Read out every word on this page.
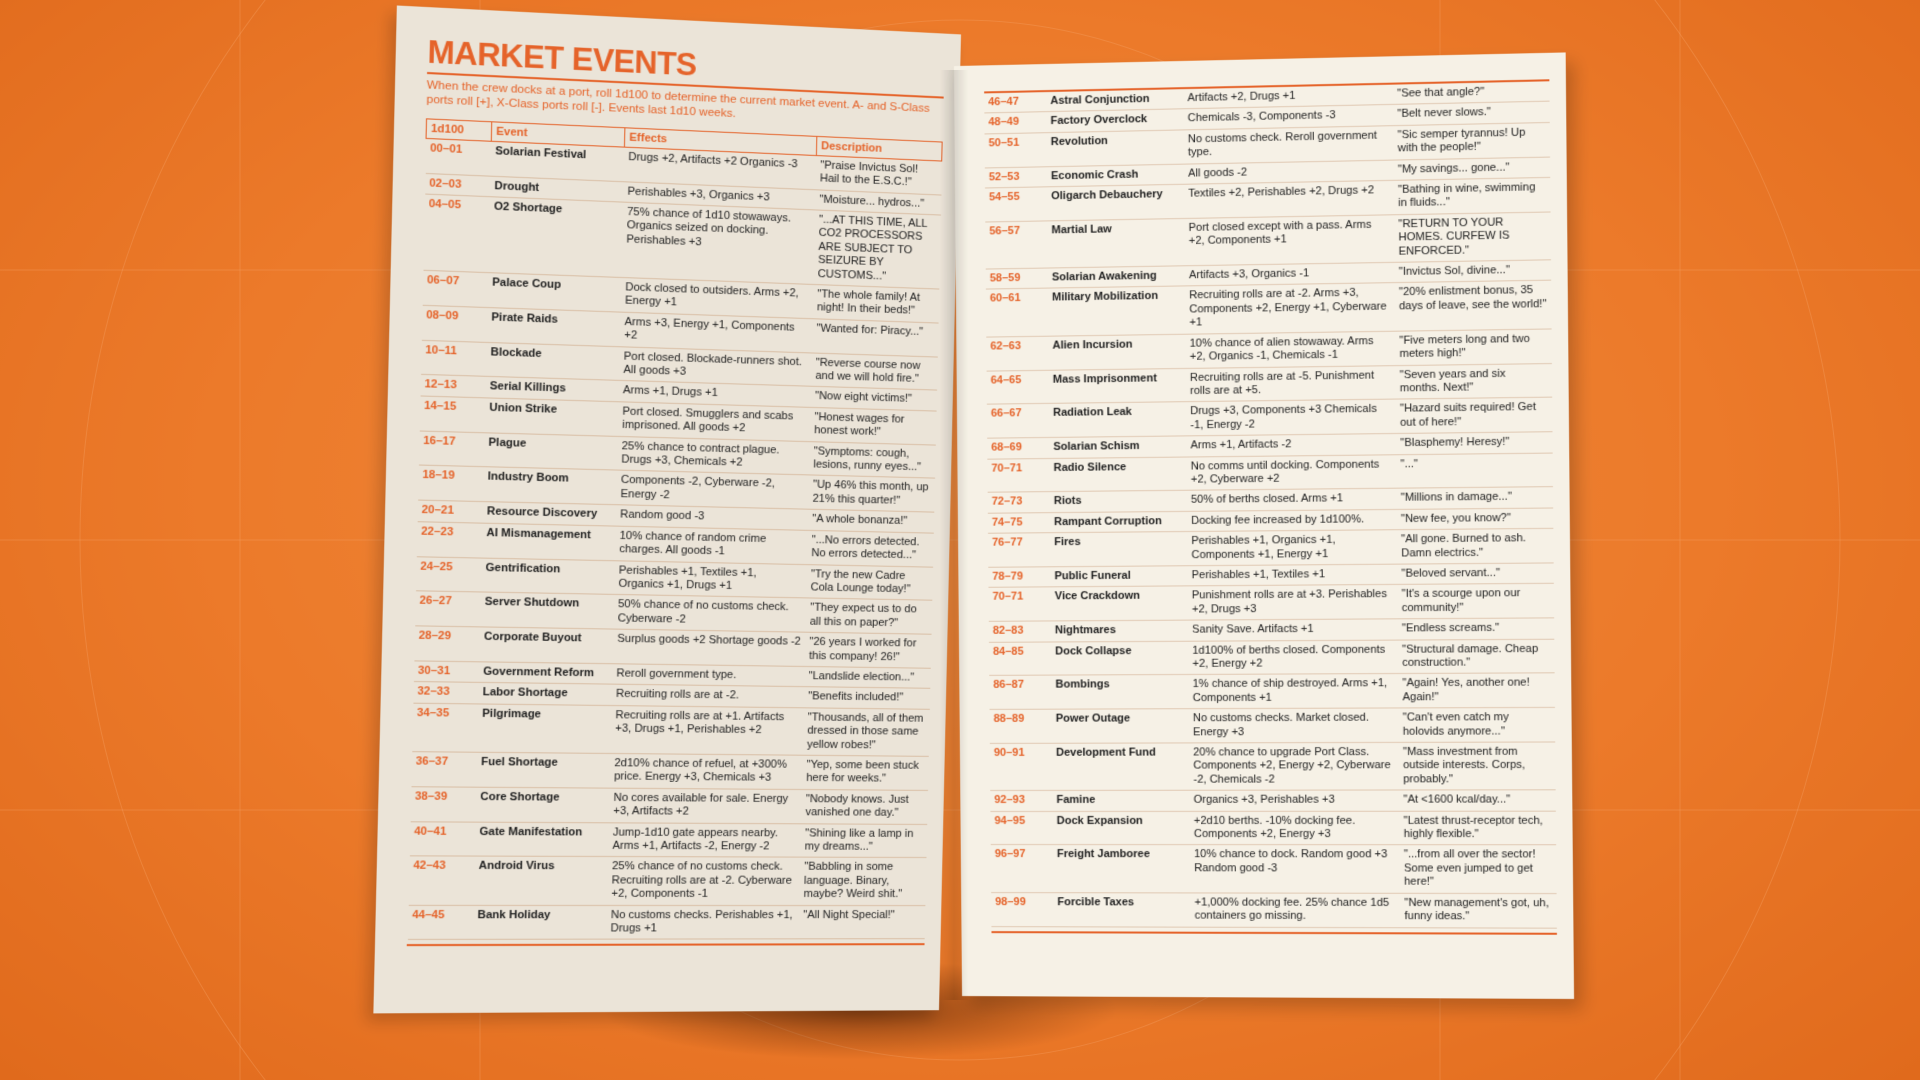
MARKET EVENTS

When the crew docks at a port, roll 1d100 to determine the current market event. A- and S-Class ports roll [+], X-Class ports roll [-]. Events last 1d10 weeks.

1d100	Event	Effects	Description
00–01	Solarian Festival	Drugs +2, Artifacts +2 Organics -3	"Praise Invictus Sol! Hail to the E.S.C.!"
02–03	Drought	Perishables +3, Organics +3	"Moisture... hydros..."
04–05	O2 Shortage	75% chance of 1d10 stowaways. Organics seized on docking. Perishables +3	"...AT THIS TIME, ALL CO2 PROCESSORS ARE SUBJECT TO SEIZURE BY CUSTOMS..."
06–07	Palace Coup	Dock closed to outsiders. Arms +2, Energy +1	"The whole family! At night! In their beds!"
08–09	Pirate Raids	Arms +3, Energy +1, Components +2	"Wanted for: Piracy..."
10–11	Blockade	Port closed. Blockade-runners shot. All goods +3	"Reverse course now and we will hold fire."
12–13	Serial Killings	Arms +1, Drugs +1	"Now eight victims!"
14–15	Union Strike	Port closed. Smugglers and scabs imprisoned. All goods +2	"Honest wages for honest work!"
16–17	Plague	25% chance to contract plague. Drugs +3, Chemicals +2	"Symptoms: cough, lesions, runny eyes..."
18–19	Industry Boom	Components -2, Cyberware -2, Energy -2	"Up 46% this month, up 21% this quarter!"
20–21	Resource Discovery	Random good -3	"A whole bonanza!"
22–23	AI Mismanagement	10% chance of random crime charges. All goods -1	"...No errors detected. No errors detected..."
24–25	Gentrification	Perishables +1, Textiles +1, Organics +1, Drugs +1	"Try the new Cadre Cola Lounge today!"
26–27	Server Shutdown	50% chance of no customs check. Cyberware -2	"They expect us to do all this on paper?"
28–29	Corporate Buyout	Surplus goods +2 Shortage goods -2	"26 years I worked for this company! 26!"
30–31	Government Reform	Reroll government type.	"Landslide election..."
32–33	Labor Shortage	Recruiting rolls are at -2.	"Benefits included!"
34–35	Pilgrimage	Recruiting rolls are at +1. Artifacts +3, Drugs +1, Perishables +2	"Thousands, all of them dressed in those same yellow robes!"
36–37	Fuel Shortage	2d10% chance of refuel, at +300% price. Energy +3, Chemicals +3	"Yep, some been stuck here for weeks."
38–39	Core Shortage	No cores available for sale. Energy +3, Artifacts +2	"Nobody knows. Just vanished one day."
40–41	Gate Manifestation	Jump-1d10 gate appears nearby. Arms +1, Artifacts -2, Energy -2	"Shining like a lamp in my dreams..."
42–43	Android Virus	25% chance of no customs check. Recruiting rolls are at -2. Cyberware +2, Components -1	"Babbling in some language. Binary, maybe? Weird shit."
44–45	Bank Holiday	No customs checks. Perishables +1, Drugs +1	"All Night Special!"
46–47	Astral Conjunction	Artifacts +2, Drugs +1	"See that angle?"
48–49	Factory Overclock	Chemicals -3, Components -3	"Belt never slows."
50–51	Revolution	No customs check. Reroll government type.	"Sic semper tyrannus! Up with the people!"
52–53	Economic Crash	All goods -2	"My savings... gone..."
54–55	Oligarch Debauchery	Textiles +2, Perishables +2, Drugs +2	"Bathing in wine, swimming in fluids..."
56–57	Martial Law	Port closed except with a pass. Arms +2, Components +1	"RETURN TO YOUR HOMES. CURFEW IS ENFORCED."
58–59	Solarian Awakening	Artifacts +3, Organics -1	"Invictus Sol, divine..."
60–61	Military Mobilization	Recruiting rolls are at -2. Arms +3, Components +2, Energy +1, Cyberware +1	"20% enlistment bonus, 35 days of leave, see the world!"
62–63	Alien Incursion	10% chance of alien stowaway. Arms +2, Organics -1, Chemicals -1	"Five meters long and two meters high!"
64–65	Mass Imprisonment	Recruiting rolls are at -5. Punishment rolls are at +5.	"Seven years and six months. Next!"
66–67	Radiation Leak	Drugs +3, Components +3 Chemicals -1, Energy -2	"Hazard suits required! Get out of here!"
68–69	Solarian Schism	Arms +1, Artifacts -2	"Blasphemy! Heresy!"
70–71	Radio Silence	No comms until docking. Components +2, Cyberware +2	"..."
72–73	Riots	50% of berths closed. Arms +1	"Millions in damage..."
74–75	Rampant Corruption	Docking fee increased by 1d100%.	"New fee, you know?"
76–77	Fires	Perishables +1, Organics +1, Components +1, Energy +1	"All gone. Burned to ash. Damn electrics."
78–79	Public Funeral	Perishables +1, Textiles +1	"Beloved servant..."
70–71	Vice Crackdown	Punishment rolls are at +3. Perishables +2, Drugs +3	"It's a scourge upon our community!"
82–83	Nightmares	Sanity Save. Artifacts +1	"Endless screams."
84–85	Dock Collapse	1d100% of berths closed. Components +2, Energy +2	"Structural damage. Cheap construction."
86–87	Bombings	1% chance of ship destroyed. Arms +1, Components +1	"Again! Yes, another one! Again!"
88–89	Power Outage	No customs checks. Market closed. Energy +3	"Can't even catch my holovids anymore..."
90–91	Development Fund	20% chance to upgrade Port Class. Components +2, Energy +2, Cyberware -2, Chemicals -2	"Mass investment from outside interests. Corps, probably."
92–93	Famine	Organics +3, Perishables +3	"At <1600 kcal/day..."
94–95	Dock Expansion	+2d10 berths. -10% docking fee. Components +2, Energy +3	"Latest thrust-receptor tech, highly flexible."
96–97	Freight Jamboree	10% chance to dock. Random good +3 Random good -3	"...from all over the sector! Some even jumped to get here!"
98–99	Forcible Taxes	+1,000% docking fee. 25% chance 1d5 containers go missing.	"New management's got, uh, funny ideas."
